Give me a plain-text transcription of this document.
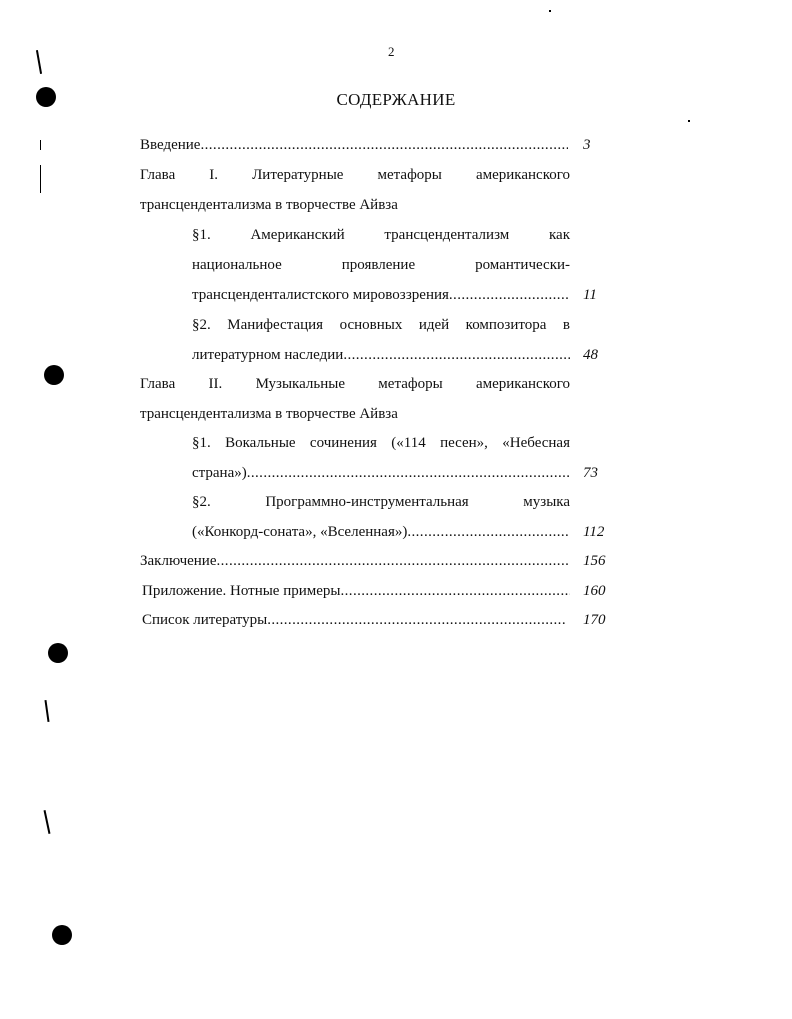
2
СОДЕРЖАНИЕ
Введение .....	3
Глава I. Литературные метафоры американского
трансцендентализма в творчестве Айвза
§1. Американский трансцендентализм как
национальное проявление романтически-
трансценденталистского мировоззрения .....	11
§2. Манифестация основных идей композитора в
литературном наследии .....	48
Глава II. Музыкальные метафоры американского
трансцендентализма в творчестве Айвза
§1. Вокальные сочинения («114 песен», «Небесная
страна») .....	73
§2. Программно-инструментальная музыка
(«Конкорд-соната», «Вселенная») .....	112
Заключение .....	156
Приложение. Нотные примеры .....	160
Список литературы .....	170
